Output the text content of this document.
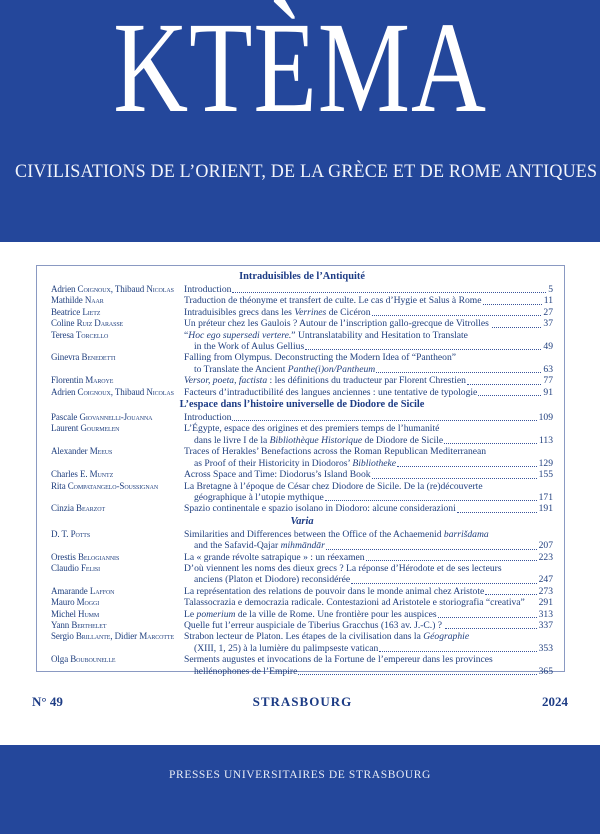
KTÈMA
CIVILISATIONS DE L’ORIENT, DE LA GRÈCE ET DE ROME ANTIQUES
Intraduisibles de l’Antiquité
Adrien Coignoux, Thibaud Nicolas	Introduction	5
Mathilde Naar	Traduction de théonyme et transfert de culte. Le cas d’Hygie et Salus à Rome	11
Beatrice Lietz	Intraduisibles grecs dans les Verrines de Cicéron	27
Coline Ruiz Darasse	Un préteur chez les Gaulois ? Autour de l’inscription gallo-grecque de Vitrolles	37
Teresa Torcello	“Hoc ego supersedi vertere.” Untranslatability and Hesitation to Translate
in the Work of Aulus Gellius	49
Ginevra Benedetti	Falling from Olympus. Deconstructing the Modern Idea of “Pantheon”
to Translate the Ancient Panthe(i)on/Pantheum	63
Florentin Maroye	Versor, poeta, factista : les définitions du traducteur par Florent Chrestien	77
Adrien Coignoux, Thibaud Nicolas	Facteurs d’intraductibilité des langues anciennes : une tentative de typologie	91
L’espace dans l’histoire universelle de Diodore de Sicile
Pascale Giovannelli-Jouanna	Introduction	109
Laurent Gourmelen	L’Égypte, espace des origines et des premiers temps de l’humanité
dans le livre I de la Bibliothèque Historique de Diodore de Sicile	113
Alexander Meeus	Traces of Herakles’ Benefactions across the Roman Republican Mediterranean
as Proof of their Historicity in Diodoros’ Bibliotheke	129
Charles E. Muntz	Across Space and Time: Diodorus’s Island Book	155
Rita Compatangelo-Soussignan	La Bretagne à l’époque de César chez Diodore de Sicile. De la (re)découverte
géographique à l’utopie mythique	171
Cinzia Bearzot	Spazio continentale e spazio isolano in Diodoro: alcune considerazioni	191
Varia
D. T. Potts	Similarities and Differences between the Office of the Achaemenid barrišdama
and the Safavid-Qajar mihmāndār	207
Orestis Belogiannis	La « grande révolte satrapique » : un réexamen	223
Claudio Felisi	D’où viennent les noms des dieux grecs ? La réponse d’Hérodote et de ses lecteurs
anciens (Platon et Diodore) reconsidérée	247
Amarande Laffon	La représentation des relations de pouvoir dans le monde animal chez Aristote	273
Mauro Moggi	Talassocrazia e democrazia radicale. Contestazioni ad Aristotele e storiografia “creativa” 291
Michel Humm	Le pomerium de la ville de Rome. Une frontière pour les auspices	313
Yann Berthelet	Quelle fut l’erreur auspiciale de Tiberius Gracchus (163 av. J.-C.) ?	337
Sergio Brillante, Didier Marcotte	Strabon lecteur de Platon. Les étapes de la civilisation dans la Géographie
(XIII, 1, 25) à la lumière du palimpseste vatican	353
Olga Boubounelle	Serments augustes et invocations de la Fortune de l’empereur dans les provinces
hellénophones de l’Empire	365
N° 49	STRASBOURG	2024
PRESSES UNIVERSITAIRES DE STRASBOURG
